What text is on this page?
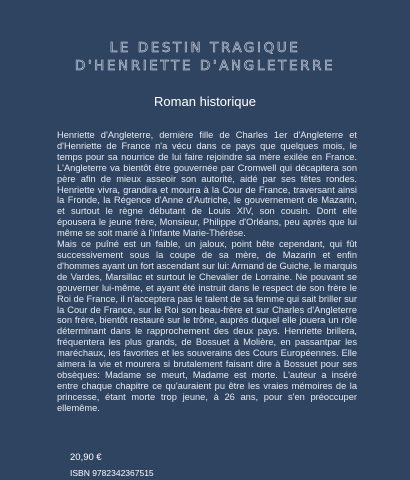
LE DESTIN TRAGIQUE
D'HENRIETTE D'ANGLETERRE
Roman historique

Henriette d'Angleterre, dernière fille de Charles 1er d'Angleterre et d'Henriette de France n'a vécu dans ce pays que quelques mois, le temps pour sa nourrice de lui faire rejoindre sa mère exilée en France. L'Angleterre va bientôt être gouvernée par Cromwell qui décapitera son père afin de mieux asseoir son autorité, aidé par ses têtes rondes. Henriette vivra, grandira et mourra à la Cour de France, traversant ainsi la Fronde, la Régence d'Anne d'Autriche, le gouvernement de Mazarin, et surtout le règne débutant de Louis XIV, son cousin. Dont elle épousera le jeune frère, Monsieur, Philippe d'Orléans, peu après que lui même se soit marié à l'infante Marie-Thérèse.

Mais ce puîné est un faible, un jaloux, point bête cependant, qui fût successivement sous la coupe de sa mère, de Mazarin et enfin d'hommes ayant un fort ascendant sur lui: Armand de Guiche, le marquis de Vardes, Marsillac et surtout le Chevalier de Lorraine. Ne pouvant se gouverner lui-même, et ayant été instruit dans le respect de son frère le Roi de France, il n'acceptera pas le talent de sa femme qui sait briller sur la Cour de France, sur le Roi son beau-frère et sur Charles d'Angleterre son frère, bientôt restauré sur le trône, auprès duquel elle jouera un rôle déterminant dans le rapprochement des deux pays. Henriette brillera, fréquentera les plus grands, de Bossuet à Molière, en passantpar les maréchaux, les favorites et les souverains des Cours Européennes. Elle aimera la vie et mourera si brutalement faisant dire à Bossuet pour ses obsèques: Madame se meurt, Madame est morte. L'auteur a inséré entre chaque chapitre ce qu'auraient pu être les vraies mémoires de la princesse, étant morte trop jeune, à 26 ans, pour s'en préoccuper ellemême.

20,90 €
ISBN 9782342367515
